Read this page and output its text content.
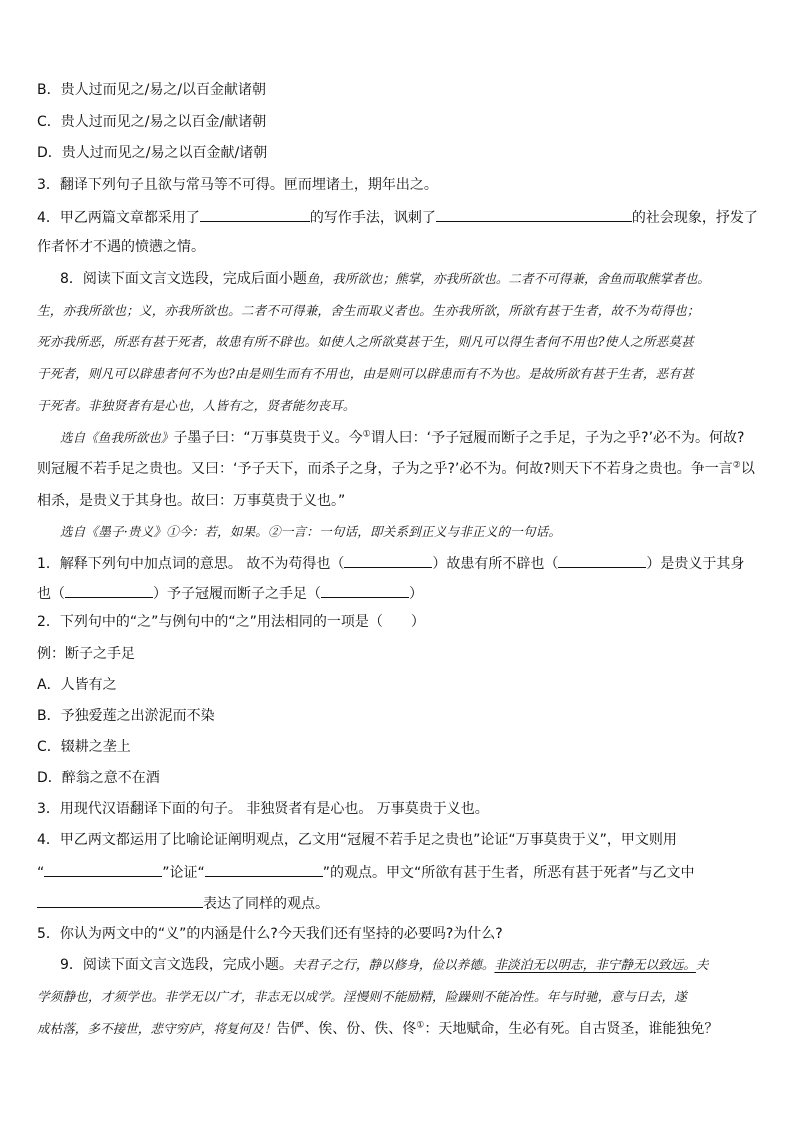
B．贵人过而见之/易之/以百金献诸朝
C．贵人过而见之/易之以百金/献诸朝
D．贵人过而见之/易之以百金献/诸朝
3．翻译下列句子且欲与常马等不可得。匣而埋诸土，期年出之。
4．甲乙两篇文章都采用了	的写作手法，讽刺了	的社会现象，抒发了
作者怀才不遇的愤懑之情。
8．阅读下面文言文选段，完成后面小题鱼，我所欲也；熊掌，亦我所欲也。二者不可得兼，舍鱼而取熊掌者也。
生，亦我所欲也；义，亦我所欲也。二者不可得兼，舍生而取义者也。生亦我所欲，所欲有甚于生者，故不为苟得也；
死亦我所恶，所恶有甚于死者，故患有所不辟也。如使人之所欲莫甚于生，则凡可以得生者何不用也?使人之所恶莫甚
于死者，则凡可以辟患者何不为也?由是则生而有不用也，由是则可以辟患而有不为也。是故所欲有甚于生者，恶有甚
于死者。非独贤者有是心也，人皆有之，贤者能勿丧耳。
选自《鱼我所欲也》子墨子曰：“万事莫贵于义。今①谓人曰：‘予子冠履而断子之手足，子为之乎?’必不为。何故?
则冠履不若手足之贵也。又曰：‘予子天下，而杀子之身，子为之乎?’必不为。何故?则天下不若身之贵也。争一言②以
相杀，是贵义于其身也。故曰：万事莫贵于义也。”
选自《墨子·贵义》①今：若，如果。②一言：一句话，即关系到正义与非正义的一句话。
1．解释下列句中加点词的意思。 故不为苟得也（	）故患有所不辟也（	）是贵义于其身
也（	）予子冠履而断子之手足（	）
2．下列句中的“之”与例句中的“之”用法相同的一项是（　　）
例：断子之手足
A．人皆有之
B．予独爱莲之出淤泥而不染
C．辍耕之垄上
D．醉翁之意不在酒
3．用现代汉语翻译下面的句子。 非独贤者有是心也。 万事莫贵于义也。
4．甲乙两文都运用了比喻论证阐明观点，乙文用“冠履不若手足之贵也”论证“万事莫贵于义”，甲文则用
“	”论证“	”的观点。甲文“所欲有甚于生者，所恶有甚于死者”与乙文中
表达了同样的观点。
5．你认为两文中的“义”的内涵是什么?今天我们还有坚持的必要吗?为什么?
9．阅读下面文言文选段，完成小题。夫君子之行，静以修身，俭以养德。非淡泊无以明志，非宁静无以致远。夫
学须静也，才须学也。非学无以广才，非志无以成学。淫慢则不能励精，险躁则不能冶性。年与时驰，意与日去，遂
成枯落，多不接世，悲守穷庐，将复何及！告俨、俟、份、佚、佟①：天地赋命，生必有死。自古贤圣，谁能独免？
